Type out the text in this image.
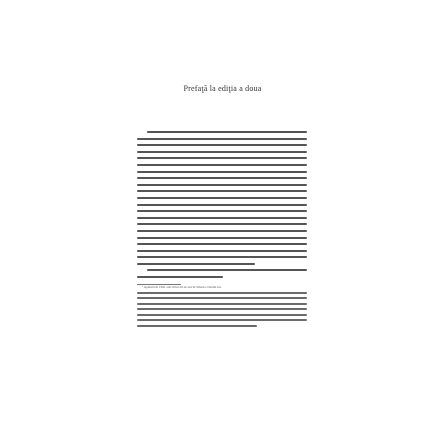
Prefaţă la ediţia a doua
¹ Apărută în 1991 sub titlul 20 de ani în Siberia. Destin bu-
